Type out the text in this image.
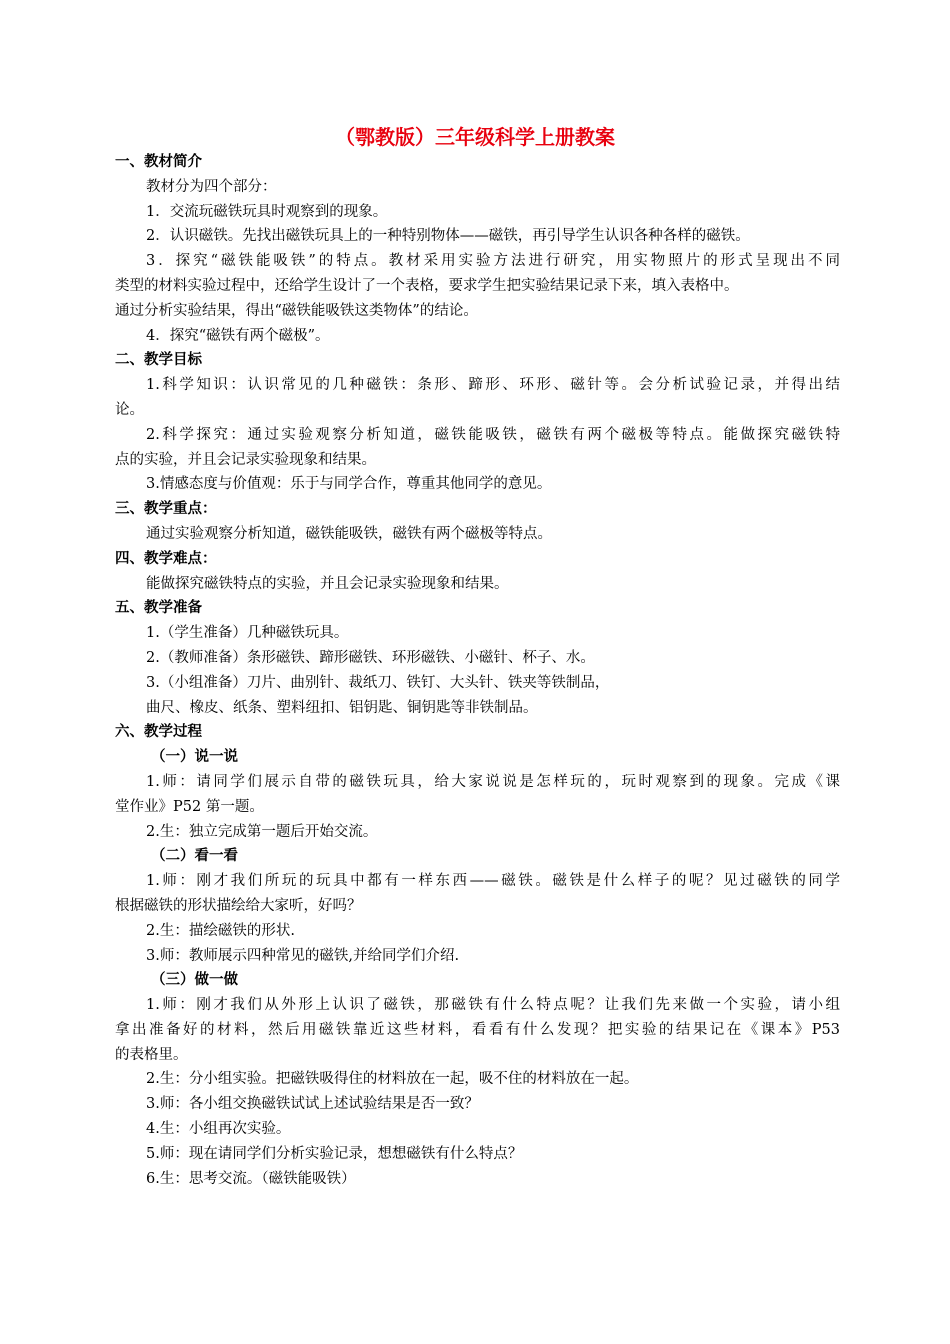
（鄂教版）三年级科学上册教案
一、教材简介
教材分为四个部分：
1．交流玩磁铁玩具时观察到的现象。
2．认识磁铁。先找出磁铁玩具上的一种特别物体——磁铁，再引导学生认识各种各样的磁铁。
3．探究“磁铁能吸铁”的特点。教材采用实验方法进行研究，用实物照片的形式呈现出不同
类型的材料实验过程中，还给学生设计了一个表格，要求学生把实验结果记录下来，填入表格中。
通过分析实验结果，得出“磁铁能吸铁这类物体”的结论。
4．探究“磁铁有两个磁极”。
二、教学目标
1.科学知识：认识常见的几种磁铁：条形、蹄形、环形、磁针等。会分析试验记录，并得出结
论。
2.科学探究：通过实验观察分析知道，磁铁能吸铁，磁铁有两个磁极等特点。能做探究磁铁特
点的实验，并且会记录实验现象和结果。
3.情感态度与价值观：乐于与同学合作，尊重其他同学的意见。
三、教学重点：
通过实验观察分析知道，磁铁能吸铁，磁铁有两个磁极等特点。
四、教学难点：
能做探究磁铁特点的实验，并且会记录实验现象和结果。
五、教学准备
1.（学生准备）几种磁铁玩具。
2.（教师准备）条形磁铁、蹄形磁铁、环形磁铁、小磁针、杯子、水。
3.（小组准备）刀片、曲别针、裁纸刀、铁钉、大头针、铁夹等铁制品，
曲尺、橡皮、纸条、塑料纽扣、铝钥匙、铜钥匙等非铁制品。
六、教学过程
（一）说一说
1.师：请同学们展示自带的磁铁玩具，给大家说说是怎样玩的，玩时观察到的现象。完成《课
堂作业》P52 第一题。
2.生：独立完成第一题后开始交流。
（二）看一看
1.师：刚才我们所玩的玩具中都有一样东西——磁铁。磁铁是什么样子的呢？见过磁铁的同学
根据磁铁的形状描绘给大家听，好吗？
2.生：描绘磁铁的形状.
3.师：教师展示四种常见的磁铁,并给同学们介绍.
（三）做一做
1.师：刚才我们从外形上认识了磁铁，那磁铁有什么特点呢？让我们先来做一个实验，请小组
拿出准备好的材料，然后用磁铁靠近这些材料，看看有什么发现？把实验的结果记在《课本》P53
的表格里。
2.生：分小组实验。把磁铁吸得住的材料放在一起，吸不住的材料放在一起。
3.师：各小组交换磁铁试试上述试验结果是否一致？
4.生：小组再次实验。
5.师：现在请同学们分析实验记录，想想磁铁有什么特点？
6.生：思考交流。（磁铁能吸铁）
